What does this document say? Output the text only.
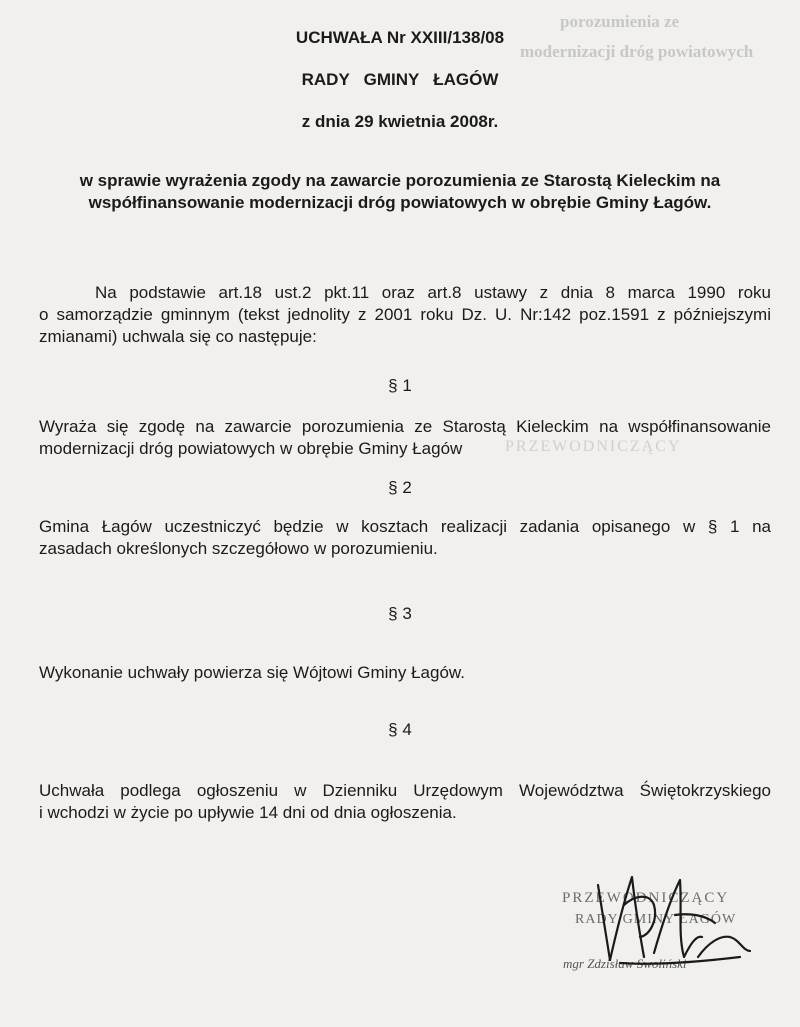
porozumienia ze
modernizacji dróg powiatowych
PRZEWODNICZĄCY
UCHWAŁA Nr XXIII/138/08
RADY   GMINY   ŁAGÓW
z dnia 29 kwietnia 2008r.
w sprawie wyrażenia zgody na zawarcie porozumienia ze Starostą Kieleckim na
współfinansowanie modernizacji dróg powiatowych w obrębie Gminy Łagów.
Na podstawie art.18 ust.2 pkt.11 oraz art.8 ustawy z dnia 8 marca 1990 roku
o samorządzie gminnym (tekst jednolity z 2001 roku Dz. U. Nr:142 poz.1591 z późniejszymi
zmianami) uchwala się co następuje:
§ 1
Wyraża się zgodę na zawarcie porozumienia ze Starostą Kieleckim na współfinansowanie
modernizacji dróg powiatowych w obrębie Gminy Łagów
§ 2
Gmina Łagów uczestniczyć będzie w kosztach realizacji zadania opisanego w § 1 na
zasadach określonych szczegółowo w porozumieniu.
§ 3
Wykonanie uchwały powierza się Wójtowi Gminy Łagów.
§ 4
Uchwała podlega ogłoszeniu w Dzienniku Urzędowym Województwa Świętokrzyskiego
i wchodzi w życie po upływie 14 dni od dnia ogłoszenia.
PRZEWODNICZĄCY
RADY GMINY ŁAGÓW
mgr Zdzisław Swoliński
